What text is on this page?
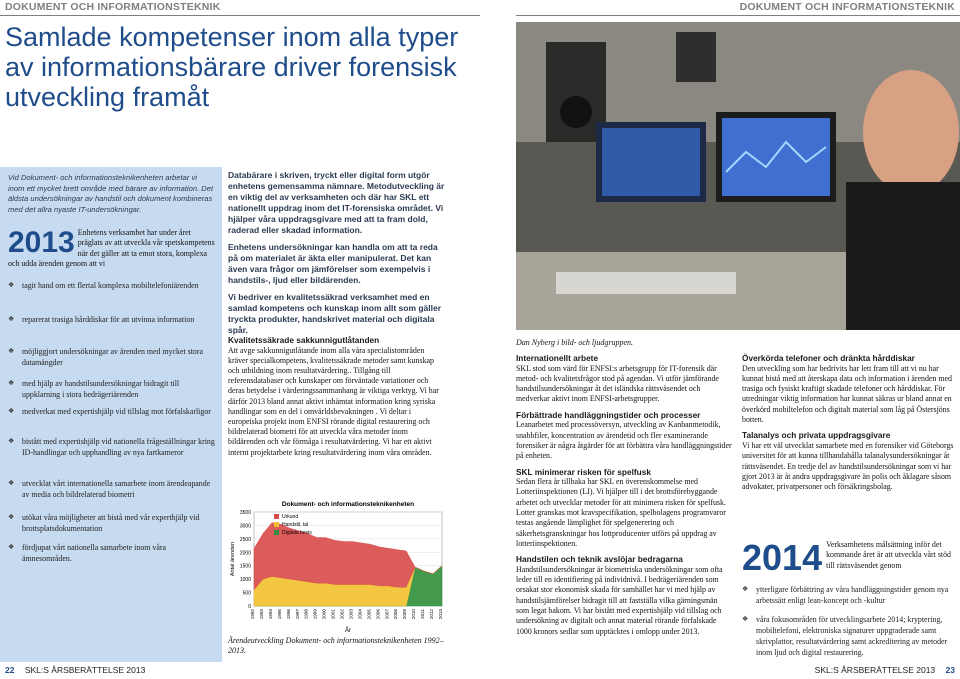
DOKUMENT OCH INFORMATIONSTEKNIK	DOKUMENT OCH INFORMATIONSTEKNIK
Samlade kompetenser inom alla typer av informationsbärare driver forensisk utveckling framåt

Vid Dokument- och informationsteknikenheten arbetar vi inom ett mycket brett område med bärare av information. Det äldsta undersökningar av handstil och dokument kombineras med det allra nyaste IT-undersökningar.

2013 Enhetens verksamhet har under året präglats av att utveckla vår spetskompetens när det gäller att ta emot stora, komplexa och udda ärenden genom att vi

❖ tagit hand om ett flertal komplexa mobiltelefoniärenden

❖ reparerat trasiga hårddiskar för att utvinna information

❖ möjliggjort undersökningar av ärenden med mycket stora datamängder

❖ med hjälp av handstilsundersökningar bidragit till uppklarning i stora bedrägeriärenden

❖ medverkat med expertishjälp vid tillslag mot förfalskarligor

❖ bistått med expertishjälp vid nationella frågeställningar kring ID-handlingar och upphandling av nya fartkameror

❖ utvecklat vårt internationella samarbete inom ärendeapande av media och bildrelaterad biometri

❖ utökat våra möjligheter att bistå med vår experthjälp vid brottsplatsdokumentation

❖ fördjupat vårt nationella samarbete inom våra ämnesområden.

Databärare i skriven, tryckt eller digital form utgör enhetens gemensamma nämnare. Metodutveckling är en viktig del av verksamheten och där har SKL ett nationellt uppdrag inom det IT-forensiska området. Vi hjälper våra uppdragsgivare med att ta fram dold, raderad eller skadad information.

Enhetens undersökningar kan handla om att ta reda på om materialet är äkta eller manipulerat. Det kan även vara frågor om jämförelser som exempelvis i handstils-, ljud eller bildärenden.

Vi bedriver en kvalitetssäkrad verksamhet med en samlad kompetens och kunskap inom allt som gäller tryckta produkter, handskrivet material och digitala spår.

Kvalitetssäkrade sakkunnigutlåtanden

Att avge sakkunnigutlåtande inom alla våra specialistområden kräver specialkompetens, kvalitetssäkrade metoder samt kunskap och utbildning inom resultatvärdering.. Tillgång till referensdatabaser och kunskaper om förväntade variationer och deras betydelse i värderingssammanhang är viktiga verktyg. Vi har därför 2013 bland annat aktivt inhämtat information kring syriska handlingar som en del i omvärldsbevakningen . Vi deltar i europeiska projekt inom ENFSI rörande digital restaurering och bildrelaterad biometri för att utveckla våra metoder inom bildärenden och vår förmåga i resultatvärdering. Vi har ett aktivt internt projektarbete kring resultatvärdering inom våra områden.

0
500
1000
1500
2000
2500
3000
3500
1992 1993 1994 1995 1996 1997 1998 1999 2000 2001 2002 2003 2004 2005 2006 2007 2008 2009 2010 2011 2012 2013
Dokument- och informationsteknikenheten
År
Antal ärenden
Urkund
Handstil, tal
Digitala bevis

Ärendeutveckling Dokument- och informationsteknikenheten 1992–2013.

Dan Nyberg i bild- och ljudgruppen.

Internationellt arbete

SKL stod som värd för ENFSI:s arbetsgrupp för IT-forensik där metod- och kvalitetsfrågor stod på agendan. Vi utför jämförande handstilsundersökningar åt det isländska rättsväsendet och medverkar aktivt inom ENFSI-arbetsgrupper.

Förbättrade handläggningstider och processer

Leanarbetet med processöversyn, utveckling av Kanbanmetodik, snabbfiler, koncentration av ärendetid och fler examinerande forensiker är några åtgärder för att förbättra våra handläggningstider på enheten.

SKL minimerar risken för spelfusk

Sedan flera år tillbaka har SKL en överenskommelse med Lotteriinspektionen (LI). Vi hjälper till i det brottsförebyggande arbetet och utvecklar metoder för att minimera risken för spelfusk. Lotter granskas mot kravspecifikation, spelbolagens programvaror testas angående lämplighet för spelgenerering och säkerhetsgranskningar hos lottproducenter utförs på uppdrag av lotteriinspektionen.

Handstilen och teknik avslöjar bedragarna

Handstilsundersökningar är biometriska undersökningar som ofta leder till en identifiering på individnivå. I bedrägeriärenden som orsakat stor ekonomisk skada för samhället har vi med hjälp av handstilsjämförelser bidragit till att fastställa vilka gärningsmän som legat bakom. Vi har bistått med expertishjälp vid tillslag och undersökning av digitalt och annat material rörande förfalskade 1000 kronors sedlar som upptäcktes i omlopp under 2013.

Överkörda telefoner och dränkta hårddiskar

Den utveckling som har bedrivits har lett fram till att vi nu har kunnat bistå med att återskapa data och information i ärenden med trasiga och fysiskt kraftigt skadade telefoner och hårddiskar. För utredningar viktig information har kunnat säkras ur bland annat en överkörd mobiltelefon och digitalt material som låg på Östersjöns botten.

Talanalys och privata uppdragsgivare

Vi har ett väl utvecklat samarbete med en forensiker vid Göteborgs universitet för att kunna tillhandahålla talanalysundersökningar åt rättsväsendet. En tredje del av handstilsundersökningar som vi har gjort 2013 är åt andra uppdragsgivare än polis och åklagare såsom advokater, privatpersoner och försäkringsbolag.

2014 Verksamhetens målsättning inför det kommande året är att utveckla vårt stöd till rättsväsendet genom

❖ ytterligare förbättring av våra handläggningstider genom nya arbetssätt enligt lean-koncept och -kultur

❖ våra fokusområden för utvecklingsarbete 2014; kryptering, mobiltelefoni, elektroniska signaturer uppgraderade samt skrivplattor, resultatvärdering samt ackreditering av metoder inom ljud och digital restaurering.

22 SKL:S ÅRSBERÄTTELSE 2013	SKL:S ÅRSBERÄTTELSE 2013 23
